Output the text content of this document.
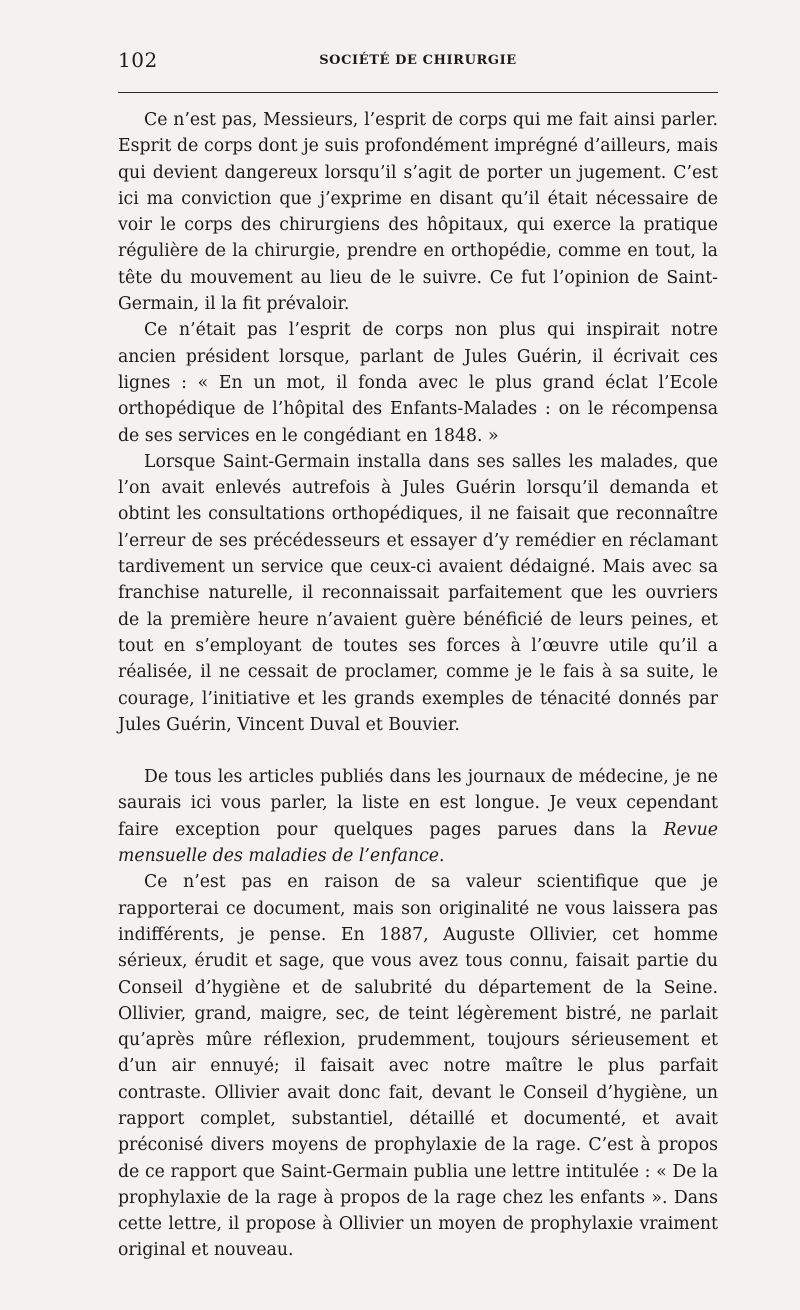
102	SOCIÉTÉ DE CHIRURGIE

Ce n’est pas, Messieurs, l’esprit de corps qui me fait ainsi parler. Esprit de corps dont je suis profondément imprégné d’ailleurs, mais qui devient dangereux lorsqu’il s’agit de porter un jugement. C’est ici ma conviction que j’exprime en disant qu’il était nécessaire de voir le corps des chirurgiens des hôpitaux, qui exerce la pratique régulière de la chirurgie, prendre en orthopédie, comme en tout, la tête du mouvement au lieu de le suivre. Ce fut l’opinion de Saint-Germain, il la fit prévaloir.

Ce n’était pas l’esprit de corps non plus qui inspirait notre ancien président lorsque, parlant de Jules Guérin, il écrivait ces lignes : « En un mot, il fonda avec le plus grand éclat l’Ecole orthopédique de l’hôpital des Enfants-Malades : on le récompensa de ses services en le congédiant en 1848. »

Lorsque Saint-Germain installa dans ses salles les malades, que l’on avait enlevés autrefois à Jules Guérin lorsqu’il demanda et obtint les consultations orthopédiques, il ne faisait que reconnaître l’erreur de ses précédesseurs et essayer d’y remédier en réclamant tardivement un service que ceux-ci avaient dédaigné. Mais avec sa franchise naturelle, il reconnaissait parfaitement que les ouvriers de la première heure n’avaient guère bénéficié de leurs peines, et tout en s’employant de toutes ses forces à l’œuvre utile qu’il a réalisée, il ne cessait de proclamer, comme je le fais à sa suite, le courage, l’initiative et les grands exemples de ténacité donnés par Jules Guérin, Vincent Duval et Bouvier.

De tous les articles publiés dans les journaux de médecine, je ne saurais ici vous parler, la liste en est longue. Je veux cependant faire exception pour quelques pages parues dans la Revue mensuelle des maladies de l’enfance.

Ce n’est pas en raison de sa valeur scientifique que je rapporterai ce document, mais son originalité ne vous laissera pas indifférents, je pense. En 1887, Auguste Ollivier, cet homme sérieux, érudit et sage, que vous avez tous connu, faisait partie du Conseil d’hygiène et de salubrité du département de la Seine. Ollivier, grand, maigre, sec, de teint légèrement bistré, ne parlait qu’après mûre réflexion, prudemment, toujours sérieusement et d’un air ennuyé; il faisait avec notre maître le plus parfait contraste. Ollivier avait donc fait, devant le Conseil d’hygiène, un rapport complet, substantiel, détaillé et documenté, et avait préconisé divers moyens de prophylaxie de la rage. C’est à propos de ce rapport que Saint-Germain publia une lettre intitulée : « De la prophylaxie de la rage à propos de la rage chez les enfants ». Dans cette lettre, il propose à Ollivier un moyen de prophylaxie vraiment original et nouveau.
